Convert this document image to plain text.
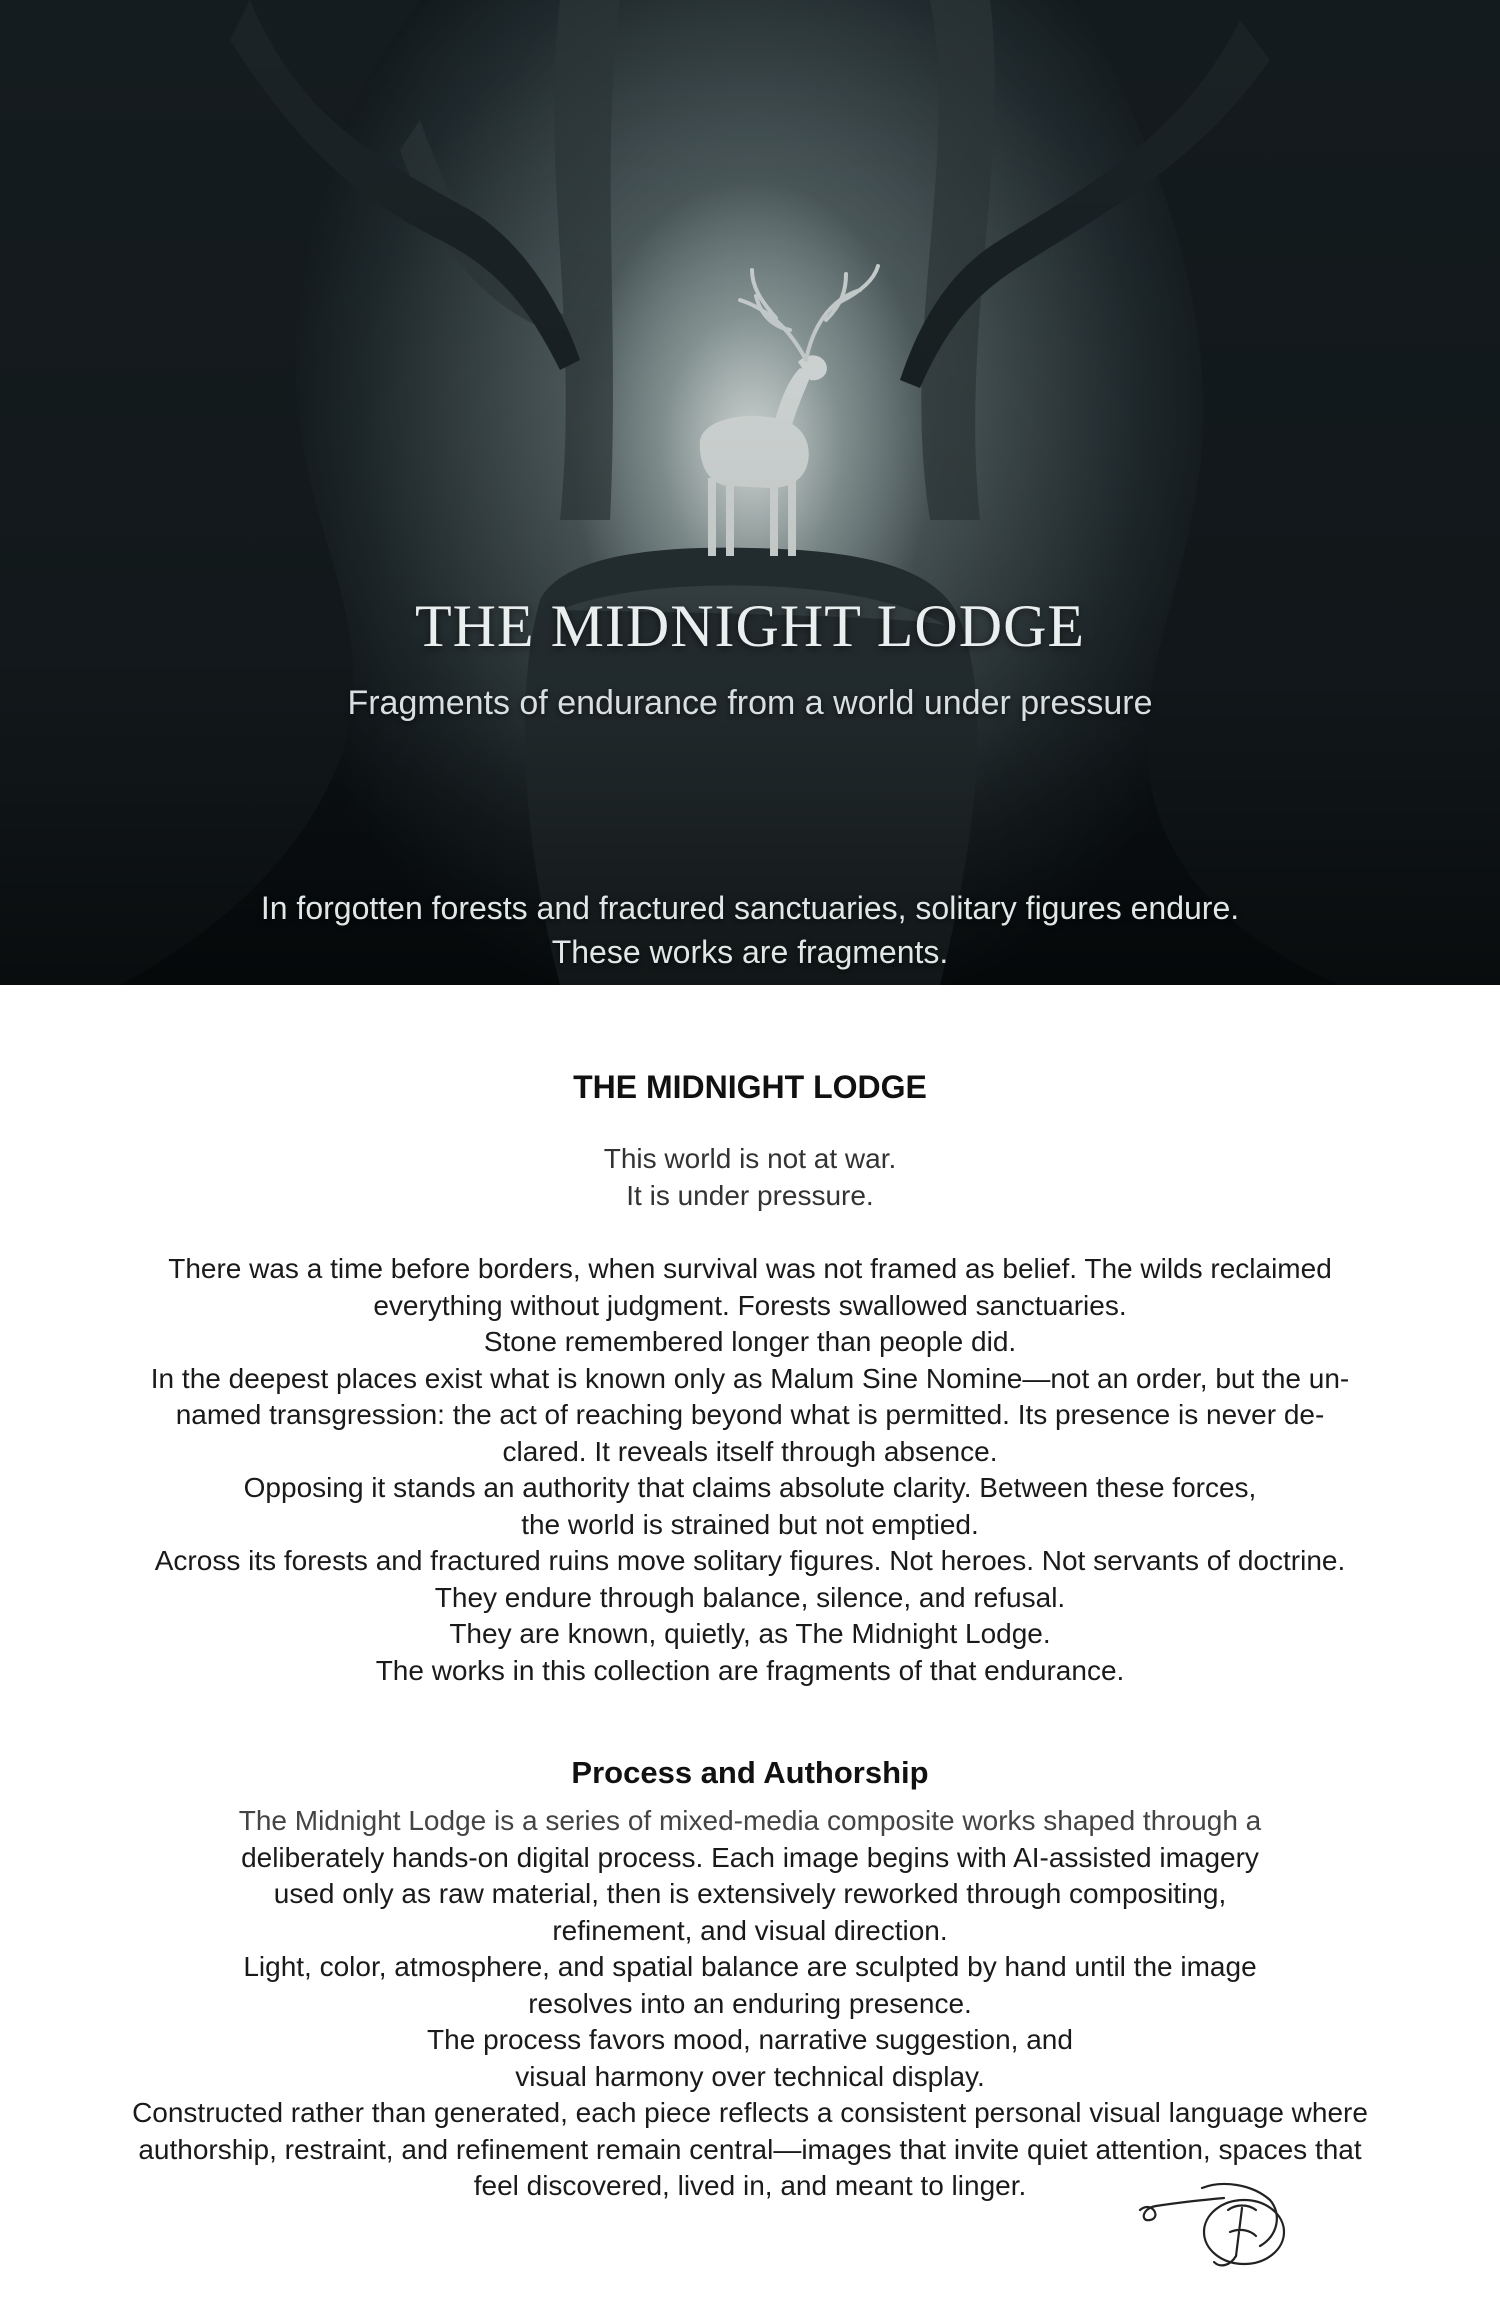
THE MIDNIGHT LODGE
Fragments of endurance from a world under pressure
In forgotten forests and fractured sanctuaries, solitary figures endure.
These works are fragments.
THE MIDNIGHT LODGE
This world is not at war.
It is under pressure.
There was a time before borders, when survival was not framed as belief. The wilds reclaimed
everything without judgment. Forests swallowed sanctuaries.
Stone remembered longer than people did.
In the deepest places exist what is known only as Malum Sine Nomine—not an order, but the un-
named transgression: the act of reaching beyond what is permitted. Its presence is never de-
clared. It reveals itself through absence.
Opposing it stands an authority that claims absolute clarity. Between these forces,
the world is strained but not emptied.
Across its forests and fractured ruins move solitary figures. Not heroes. Not servants of doctrine.
They endure through balance, silence, and refusal.
They are known, quietly, as The Midnight Lodge.
The works in this collection are fragments of that endurance.
Process and Authorship
The Midnight Lodge is a series of mixed-media composite works shaped through a
deliberately hands-on digital process. Each image begins with AI-assisted imagery
used only as raw material, then is extensively reworked through compositing,
refinement, and visual direction.
Light, color, atmosphere, and spatial balance are sculpted by hand until the image
resolves into an enduring presence.
The process favors mood, narrative suggestion, and
visual harmony over technical display.
Constructed rather than generated, each piece reflects a consistent personal visual language where
authorship, restraint, and refinement remain central—images that invite quiet attention, spaces that
feel discovered, lived in, and meant to linger.
